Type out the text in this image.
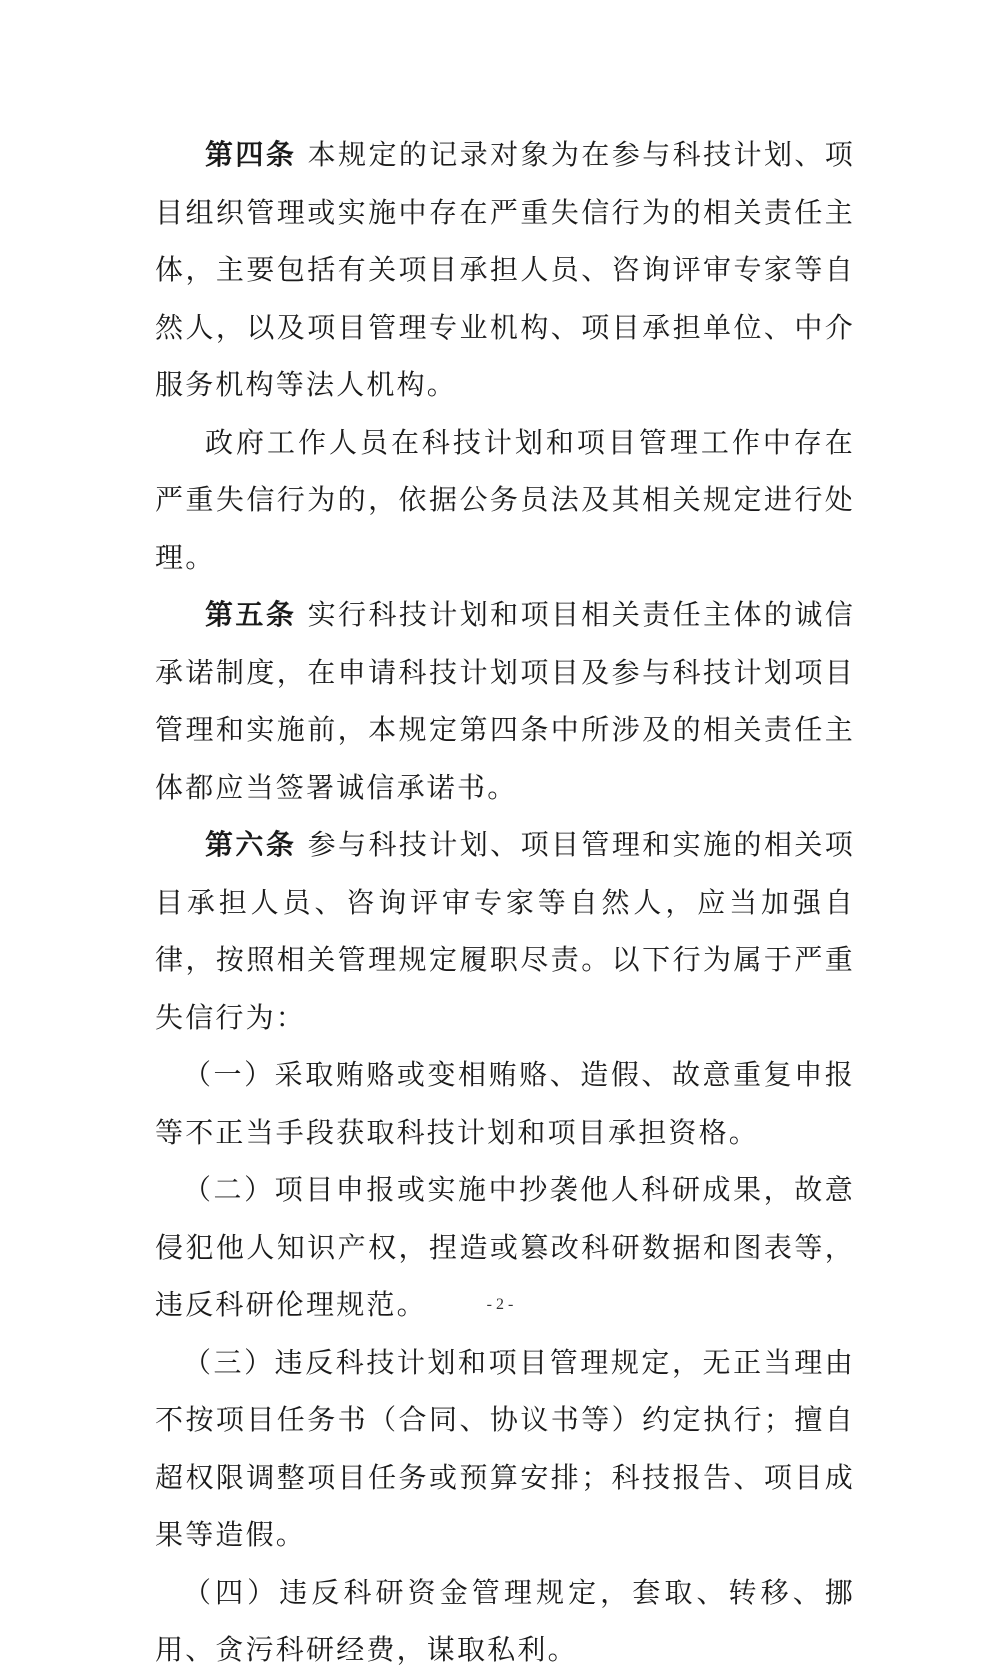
第四条 本规定的记录对象为在参与科技计划、项目组织管理或实施中存在严重失信行为的相关责任主体，主要包括有关项目承担人员、咨询评审专家等自然人，以及项目管理专业机构、项目承担单位、中介服务机构等法人机构。

政府工作人员在科技计划和项目管理工作中存在严重失信行为的，依据公务员法及其相关规定进行处理。

第五条 实行科技计划和项目相关责任主体的诚信承诺制度，在申请科技计划项目及参与科技计划项目管理和实施前，本规定第四条中所涉及的相关责任主体都应当签署诚信承诺书。

第六条 参与科技计划、项目管理和实施的相关项目承担人员、咨询评审专家等自然人，应当加强自律，按照相关管理规定履职尽责。以下行为属于严重失信行为：

（一）采取贿赂或变相贿赂、造假、故意重复申报等不正当手段获取科技计划和项目承担资格。

（二）项目申报或实施中抄袭他人科研成果，故意侵犯他人知识产权，捏造或篡改科研数据和图表等，违反科研伦理规范。

（三）违反科技计划和项目管理规定，无正当理由不按项目任务书（合同、协议书等）约定执行；擅自超权限调整项目任务或预算安排；科技报告、项目成果等造假。

（四）违反科研资金管理规定，套取、转移、挪用、贪污科研经费，谋取私利。

- 2 -
